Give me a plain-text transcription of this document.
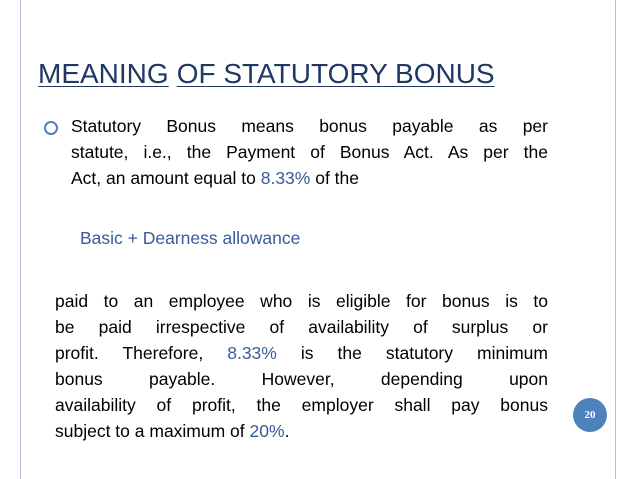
MEANING OF STATUTORY BONUS
Statutory Bonus means bonus payable as per
statute, i.e., the Payment of Bonus Act. As per the
Act, an amount equal to 8.33% of the
Basic + Dearness allowance
paid to an employee who is eligible for bonus is to
be paid irrespective of availability of surplus or
profit. Therefore, 8.33% is the statutory minimum
bonus payable. However, depending upon
availability of profit, the employer shall pay bonus
subject to a maximum of 20%.
20
